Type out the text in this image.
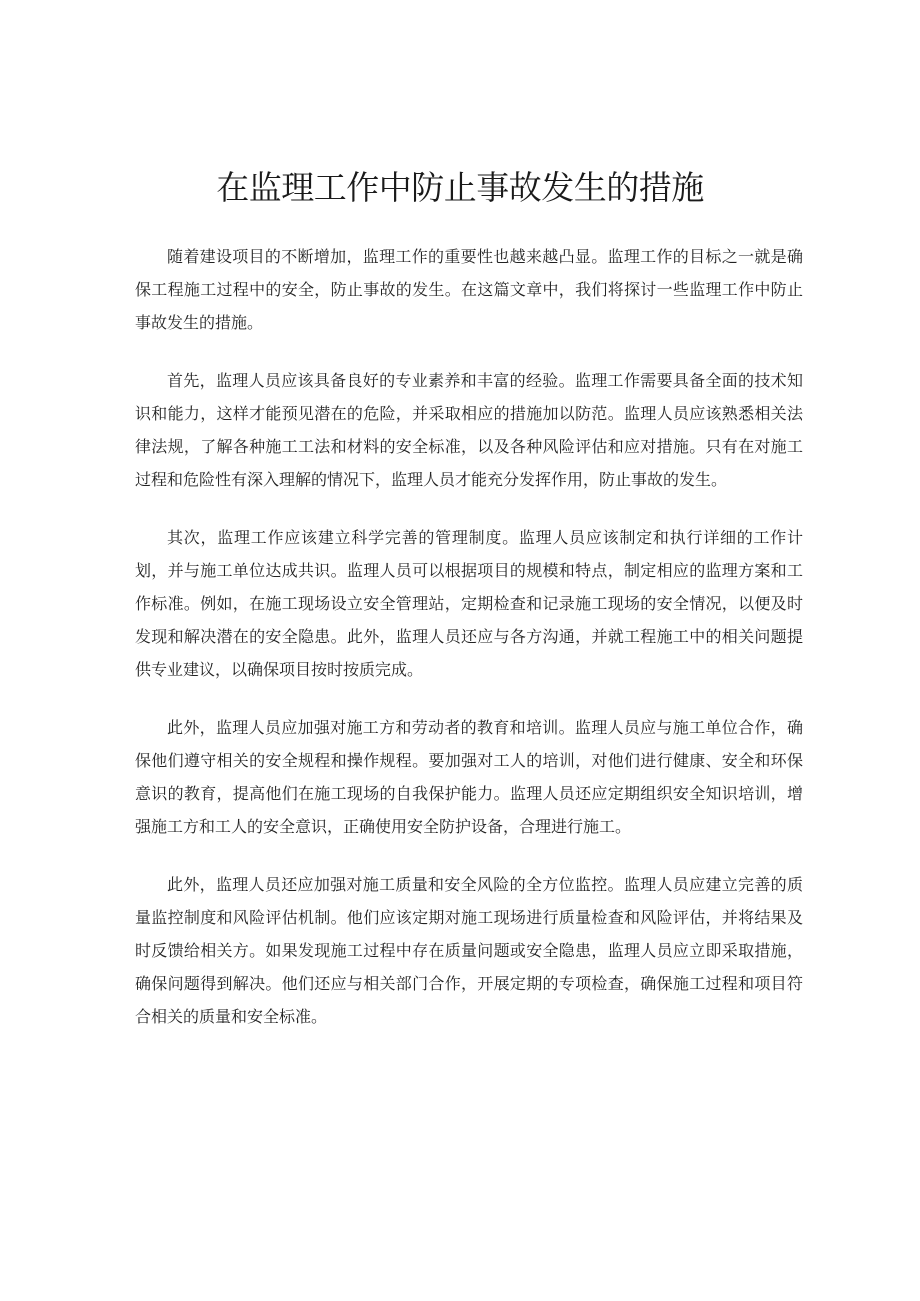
在监理工作中防止事故发生的措施

随着建设项目的不断增加，监理工作的重要性也越来越凸显。监理工作的目标之一就是确保工程施工过程中的安全，防止事故的发生。在这篇文章中，我们将探讨一些监理工作中防止事故发生的措施。

首先，监理人员应该具备良好的专业素养和丰富的经验。监理工作需要具备全面的技术知识和能力，这样才能预见潜在的危险，并采取相应的措施加以防范。监理人员应该熟悉相关法律法规，了解各种施工工法和材料的安全标准，以及各种风险评估和应对措施。只有在对施工过程和危险性有深入理解的情况下，监理人员才能充分发挥作用，防止事故的发生。

其次，监理工作应该建立科学完善的管理制度。监理人员应该制定和执行详细的工作计划，并与施工单位达成共识。监理人员可以根据项目的规模和特点，制定相应的监理方案和工作标准。例如，在施工现场设立安全管理站，定期检查和记录施工现场的安全情况，以便及时发现和解决潜在的安全隐患。此外，监理人员还应与各方沟通，并就工程施工中的相关问题提供专业建议，以确保项目按时按质完成。

此外，监理人员应加强对施工方和劳动者的教育和培训。监理人员应与施工单位合作，确保他们遵守相关的安全规程和操作规程。要加强对工人的培训，对他们进行健康、安全和环保意识的教育，提高他们在施工现场的自我保护能力。监理人员还应定期组织安全知识培训，增强施工方和工人的安全意识，正确使用安全防护设备，合理进行施工。

此外，监理人员还应加强对施工质量和安全风险的全方位监控。监理人员应建立完善的质量监控制度和风险评估机制。他们应该定期对施工现场进行质量检查和风险评估，并将结果及时反馈给相关方。如果发现施工过程中存在质量问题或安全隐患，监理人员应立即采取措施，确保问题得到解决。他们还应与相关部门合作，开展定期的专项检查，确保施工过程和项目符合相关的质量和安全标准。
